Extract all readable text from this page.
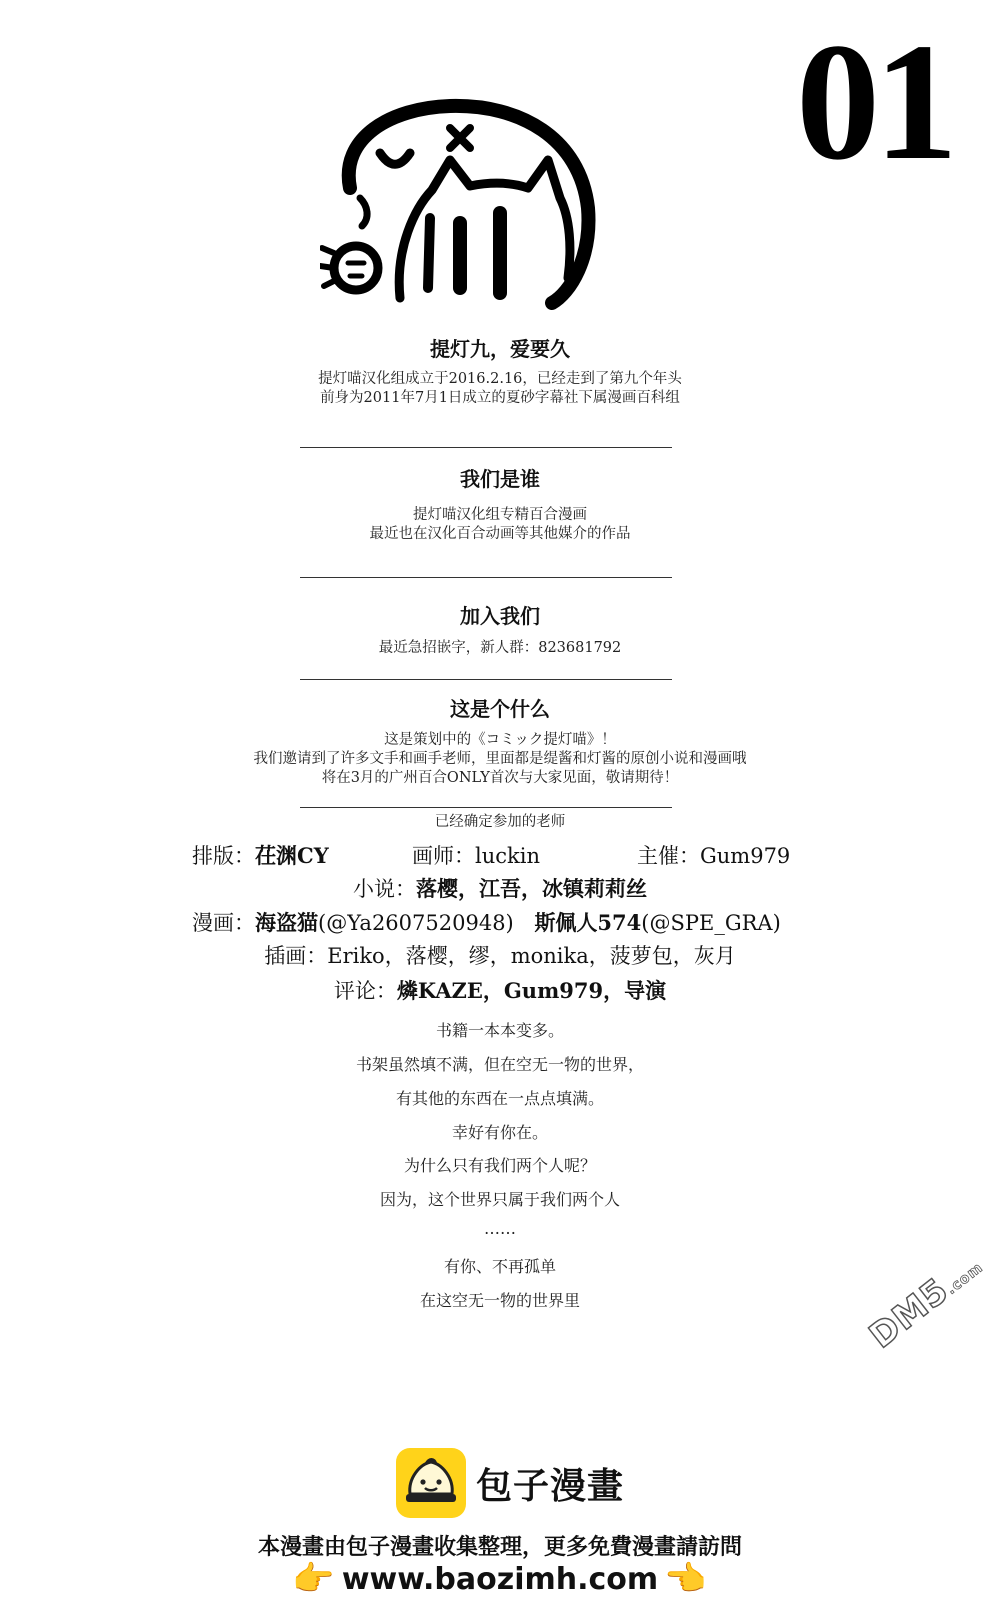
01
提灯九，爱要久
提灯喵汉化组成立于2016.2.16，已经走到了第九个年头
前身为2011年7月1日成立的夏砂字幕社下属漫画百科组
我们是谁
提灯喵汉化组专精百合漫画
最近也在汉化百合动画等其他媒介的作品
加入我们
最近急招嵌字，新人群：823681792
这是个什么
这是策划中的《コミック提灯喵》！
我们邀请到了许多文手和画手老师，里面都是缇酱和灯酱的原创小说和漫画哦
将在3月的广州百合ONLY首次与大家见面，敬请期待！
已经确定参加的老师
排版：茌渊CY	画师：luckin	主催：Gum979
小说：落樱，江吾，冰镇莉莉丝
漫画：海盗猫(@Ya2607520948) 斯佩人574(@SPE_GRA)
插画：Eriko，落樱，缪，monika，菠萝包，灰月
评论：燐KAZE，Gum979，导演
书籍一本本变多。
书架虽然填不满，但在空无一物的世界，
有其他的东西在一点点填满。
幸好有你在。
为什么只有我们两个人呢？
因为，这个世界只属于我们两个人
……
有你、不再孤单
在这空无一物的世界里	DM5.com
包子漫畫
本漫畫由包子漫畫收集整理，更多免費漫畫請訪問
👉 www.baozimh.com 👈
